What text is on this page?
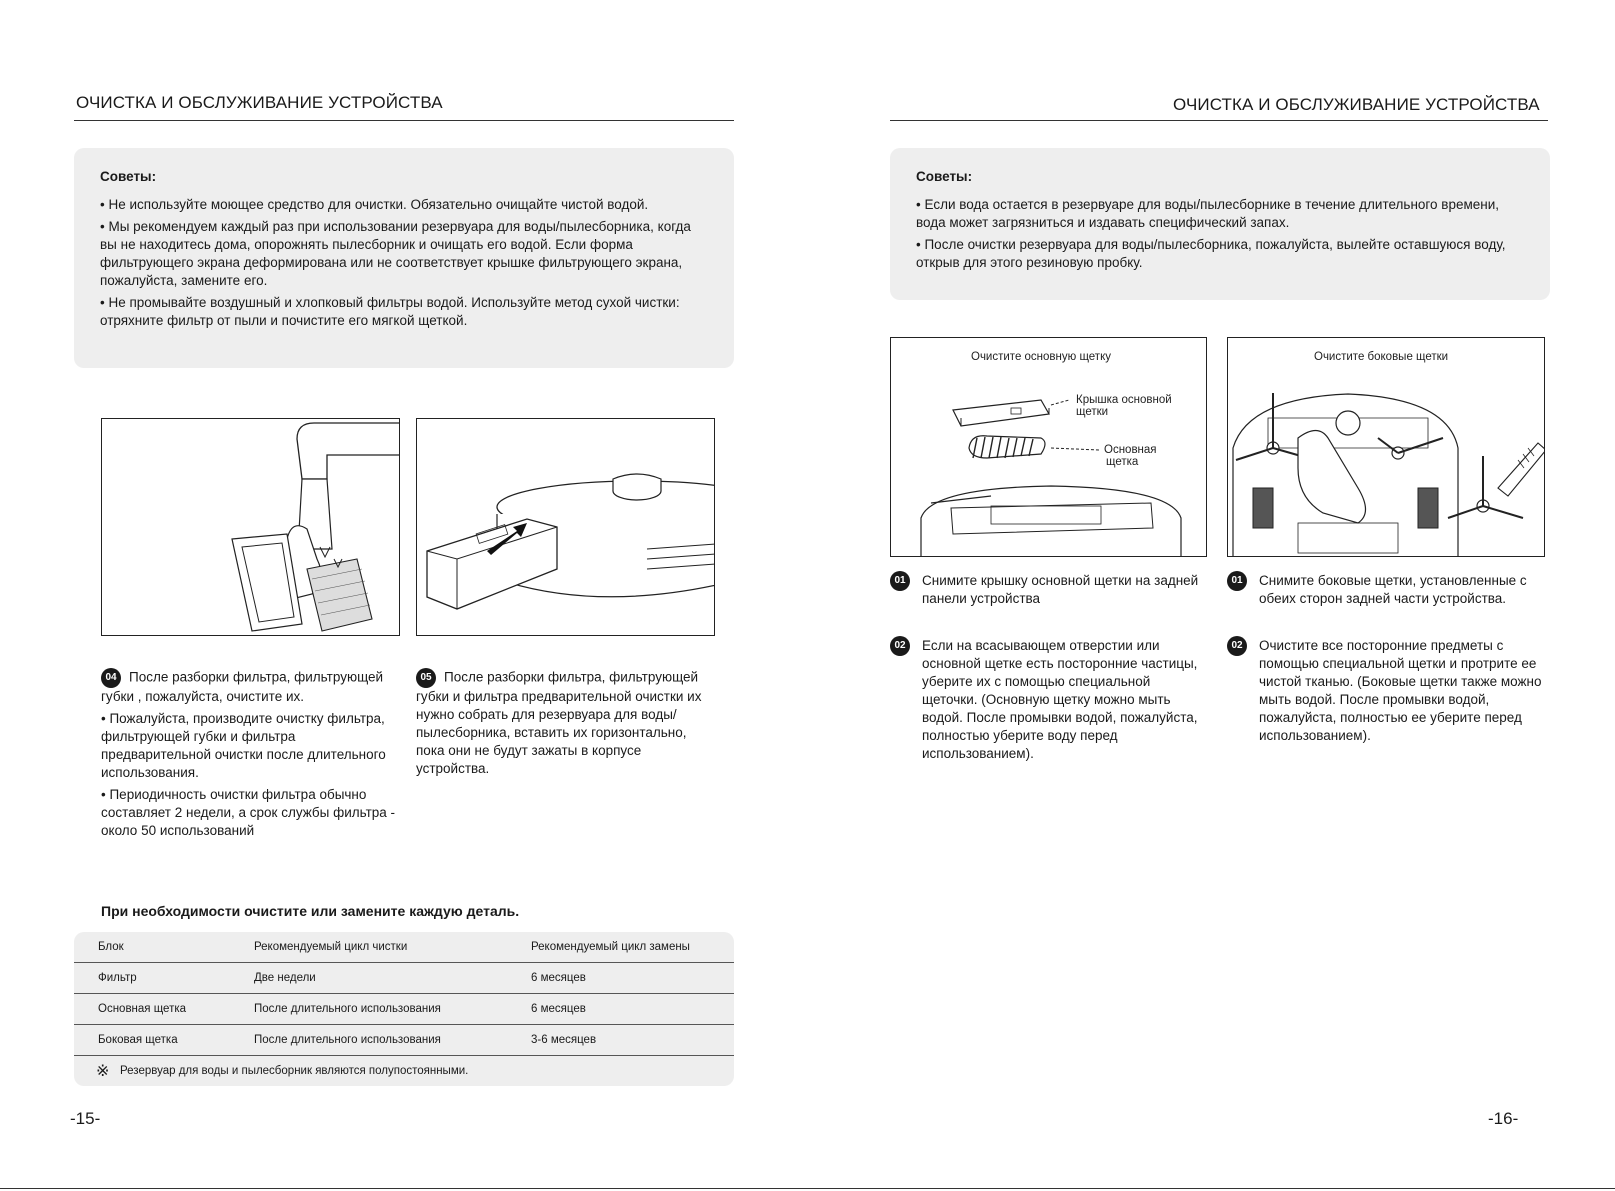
ОЧИСТКА И ОБСЛУЖИВАНИЕ УСТРОЙСТВА
Советы:

• Не используйте моющее средство для очистки. Обязательно очищайте чистой водой.

• Мы рекомендуем каждый раз при использовании резервуара для воды/пылесборника, когда вы не находитесь дома, опорожнять пылесборник и очищать его водой. Если форма фильтрующего экрана деформирована или не соответствует крышке фильтрующего экрана, пожалуйста, замените его.

• Не промывайте воздушный и хлопковый фильтры водой. Используйте метод сухой чистки: отряхните фильтр от пыли и почистите его мягкой щеткой.

04 После разборки фильтра, фильтрующей губки , пожалуйста, очистите их.

• Пожалуйста, производите очистку фильтра, фильтрующей губки и фильтра предварительной очистки после длительного использования.

• Периодичность очистки фильтра обычно составляет 2 недели, а срок службы фильтра - около 50 использований

05 После разборки фильтра, фильтрующей губки и фильтра предварительной очистки их нужно собрать для резервуара для воды/пылесборника, вставить их горизонтально, пока они не будут зажаты в корпусе устройства.

При необходимости очистите или замените каждую деталь.
Блок	Рекомендуемый цикл чистки	Рекомендуемый цикл замены
Фильтр	Две недели	6 месяцев
Основная щетка	После длительного использования	6 месяцев
Боковая щетка	После длительного использования	3-6 месяцев
※ Резервуар для воды и пылесборник являются полупостоянными.
-15-
ОЧИСТКА И ОБСЛУЖИВАНИЕ УСТРОЙСТВА
Советы:

• Если вода остается в резервуаре для воды/пылесборнике в течение длительного времени, вода может загрязниться и издавать специфический запах.

• После очистки резервуара для воды/пылесборника, пожалуйста, вылейте оставшуюся воду, открыв для этого резиновую пробку.

Очистите основную щетку
Крышка основной
щетки
Основная
щетка
Очистите боковые щетки
01	Снимите крышку основной щетки на задней панели устройства
02	Если на всасывающем отверстии или основной щетке есть посторонние частицы, уберите их с помощью специальной щеточки. (Основную щетку можно мыть водой. После промывки водой, пожалуйста, полностью уберите воду перед использованием).
01	Снимите боковые щетки, установленные с обеих сторон задней части устройства.
02	Очистите все посторонние предметы с помощью специальной щетки и протрите ее чистой тканью. (Боковые щетки также можно мыть водой. После промывки водой, пожалуйста, полностью ее уберите перед использованием).
-16-
